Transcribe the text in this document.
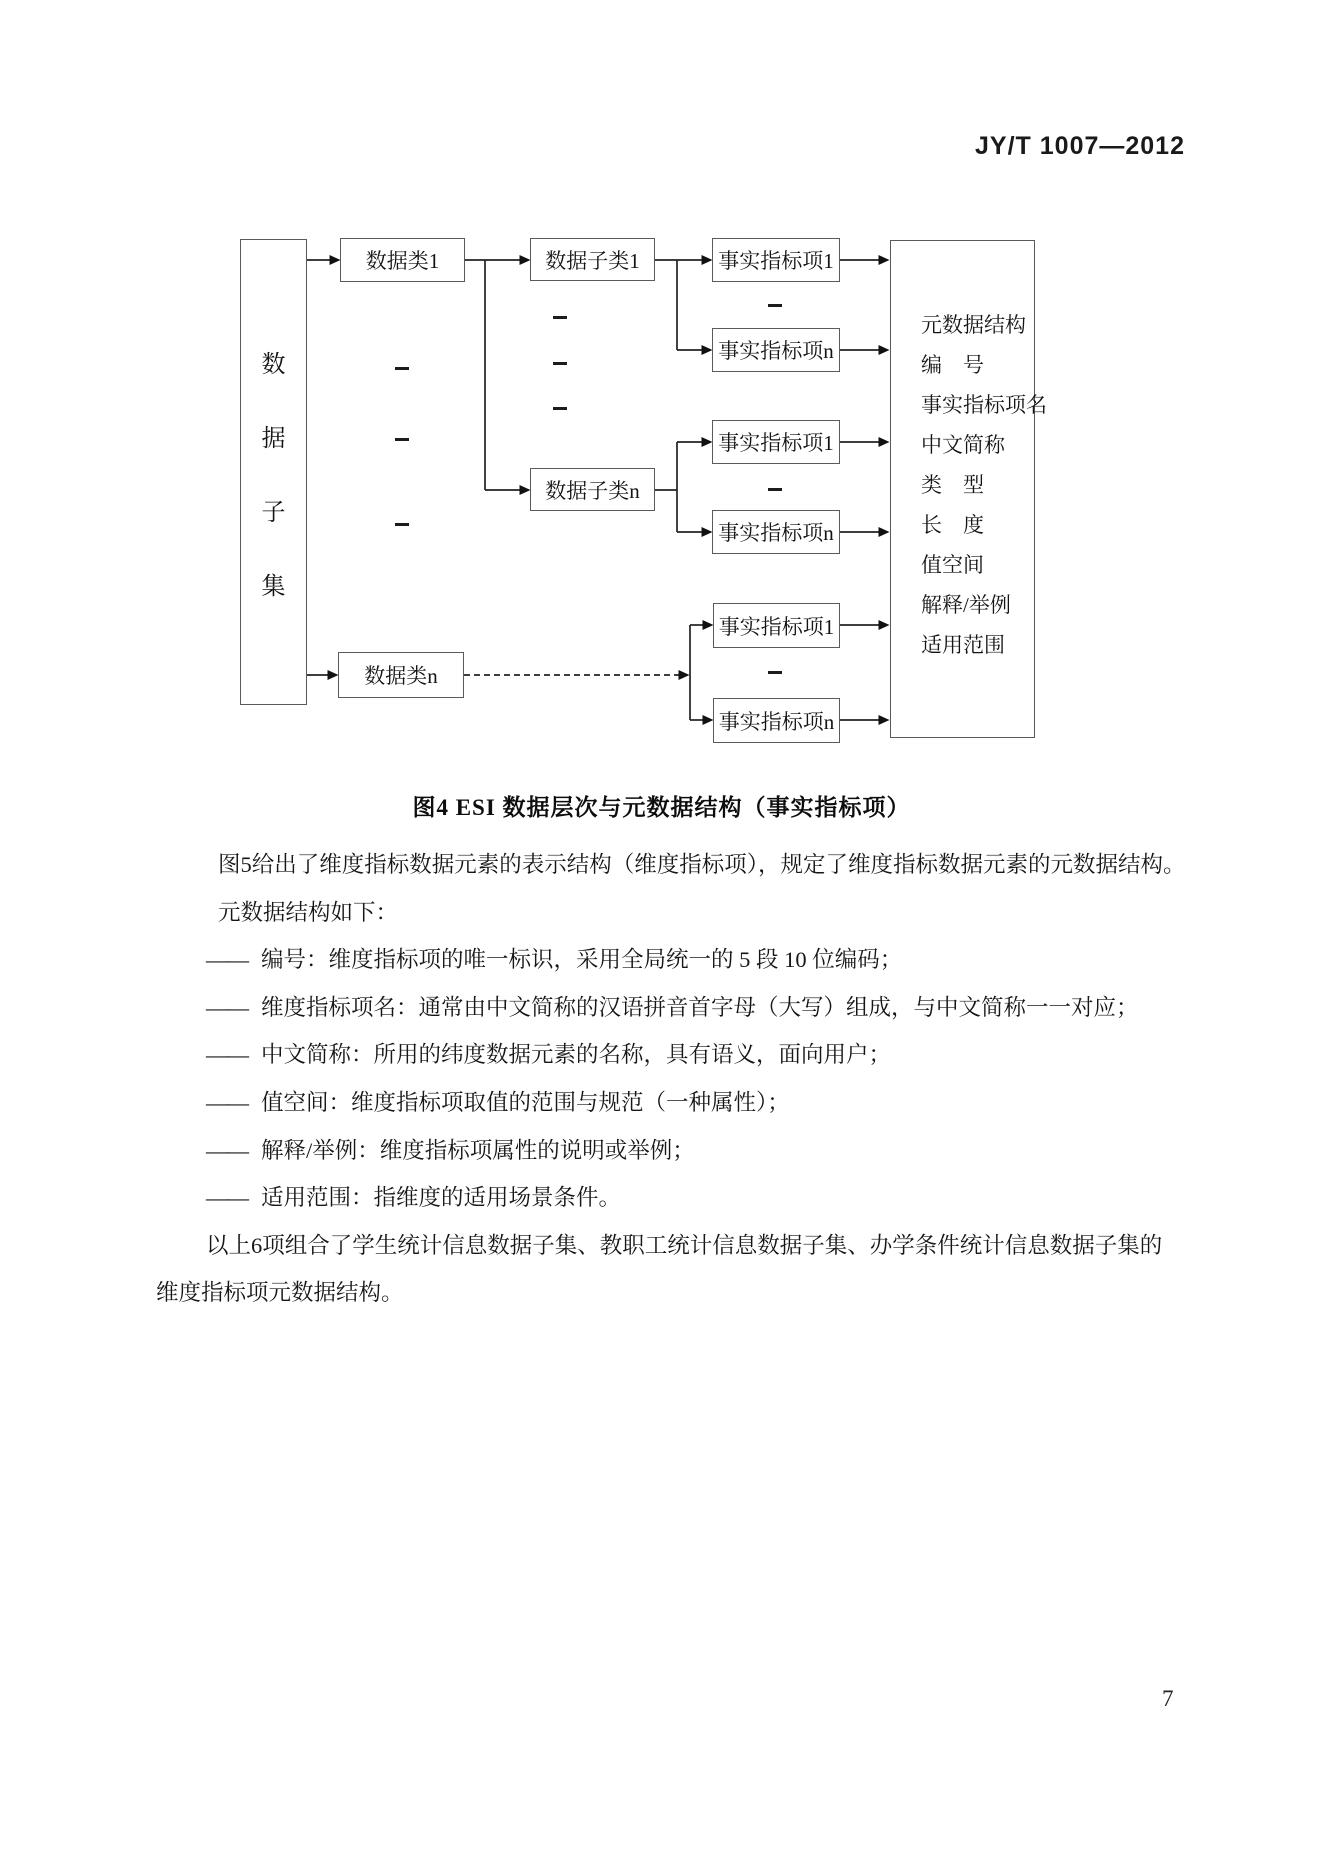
JY/T 1007—2012
数
据
子
集
数据类1
数据类n
数据子类1
数据子类n
事实指标项1
事实指标项n
事实指标项1
事实指标项n
事实指标项1
事实指标项n
元数据结构
编　号
事实指标项名
中文简称
类　型
长　度
值空间
解释/举例
适用范围
图4 ESI 数据层次与元数据结构（事实指标项）
图5给出了维度指标数据元素的表示结构（维度指标项），规定了维度指标数据元素的元数据结构。
元数据结构如下：
—— 编号：维度指标项的唯一标识，采用全局统一的 5 段 10 位编码；
—— 维度指标项名：通常由中文简称的汉语拼音首字母（大写）组成，与中文简称一一对应；
—— 中文简称：所用的纬度数据元素的名称，具有语义，面向用户；
—— 值空间：维度指标项取值的范围与规范（一种属性）；
—— 解释/举例：维度指标项属性的说明或举例；
—— 适用范围：指维度的适用场景条件。
以上6项组合了学生统计信息数据子集、教职工统计信息数据子集、办学条件统计信息数据子集的
维度指标项元数据结构。
7
